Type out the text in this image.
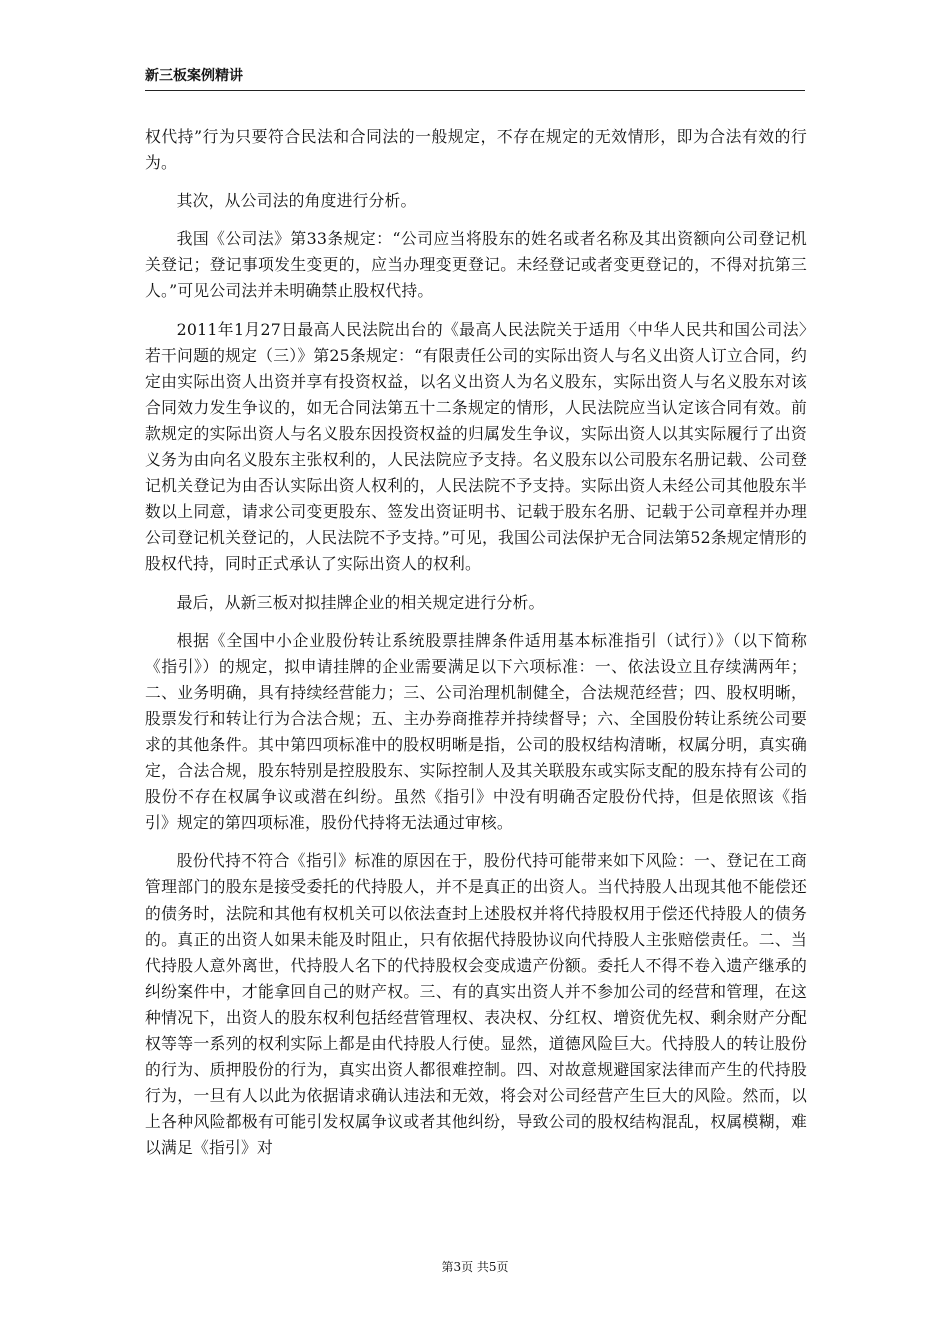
新三板案例精讲

权代持”行为只要符合民法和合同法的一般规定，不存在规定的无效情形，即为合法有效的行为。

其次，从公司法的角度进行分析。

我国《公司法》第33条规定：“公司应当将股东的姓名或者名称及其出资额向公司登记机关登记；登记事项发生变更的，应当办理变更登记。未经登记或者变更登记的，不得对抗第三人。”可见公司法并未明确禁止股权代持。

2011年1月27日最高人民法院出台的《最高人民法院关于适用〈中华人民共和国公司法〉若干问题的规定（三）》第25条规定：“有限责任公司的实际出资人与名义出资人订立合同，约定由实际出资人出资并享有投资权益，以名义出资人为名义股东，实际出资人与名义股东对该合同效力发生争议的，如无合同法第五十二条规定的情形，人民法院应当认定该合同有效。前款规定的实际出资人与名义股东因投资权益的归属发生争议，实际出资人以其实际履行了出资义务为由向名义股东主张权利的，人民法院应予支持。名义股东以公司股东名册记载、公司登记机关登记为由否认实际出资人权利的，人民法院不予支持。实际出资人未经公司其他股东半数以上同意，请求公司变更股东、签发出资证明书、记载于股东名册、记载于公司章程并办理公司登记机关登记的，人民法院不予支持。”可见，我国公司法保护无合同法第52条规定情形的股权代持，同时正式承认了实际出资人的权利。

最后，从新三板对拟挂牌企业的相关规定进行分析。

根据《全国中小企业股份转让系统股票挂牌条件适用基本标准指引（试行）》（以下简称《指引》）的规定，拟申请挂牌的企业需要满足以下六项标准：一、依法设立且存续满两年；二、业务明确，具有持续经营能力；三、公司治理机制健全，合法规范经营；四、股权明晰，股票发行和转让行为合法合规；五、主办券商推荐并持续督导；六、全国股份转让系统公司要求的其他条件。其中第四项标准中的股权明晰是指，公司的股权结构清晰，权属分明，真实确定，合法合规，股东特别是控股股东、实际控制人及其关联股东或实际支配的股东持有公司的股份不存在权属争议或潜在纠纷。虽然《指引》中没有明确否定股份代持，但是依照该《指引》规定的第四项标准，股份代持将无法通过审核。

股份代持不符合《指引》标准的原因在于，股份代持可能带来如下风险：一、登记在工商管理部门的股东是接受委托的代持股人，并不是真正的出资人。当代持股人出现其他不能偿还的债务时，法院和其他有权机关可以依法查封上述股权并将代持股权用于偿还代持股人的债务的。真正的出资人如果未能及时阻止，只有依据代持股协议向代持股人主张赔偿责任。二、当代持股人意外离世，代持股人名下的代持股权会变成遗产份额。委托人不得不卷入遗产继承的纠纷案件中，才能拿回自己的财产权。三、有的真实出资人并不参加公司的经营和管理，在这种情况下，出资人的股东权利包括经营管理权、表决权、分红权、增资优先权、剩余财产分配权等等一系列的权利实际上都是由代持股人行使。显然，道德风险巨大。代持股人的转让股份的行为、质押股份的行为，真实出资人都很难控制。四、对故意规避国家法律而产生的代持股行为，一旦有人以此为依据请求确认违法和无效，将会对公司经营产生巨大的风险。然而，以上各种风险都极有可能引发权属争议或者其他纠纷，导致公司的股权结构混乱，权属模糊，难以满足《指引》对

第3页 共5页
